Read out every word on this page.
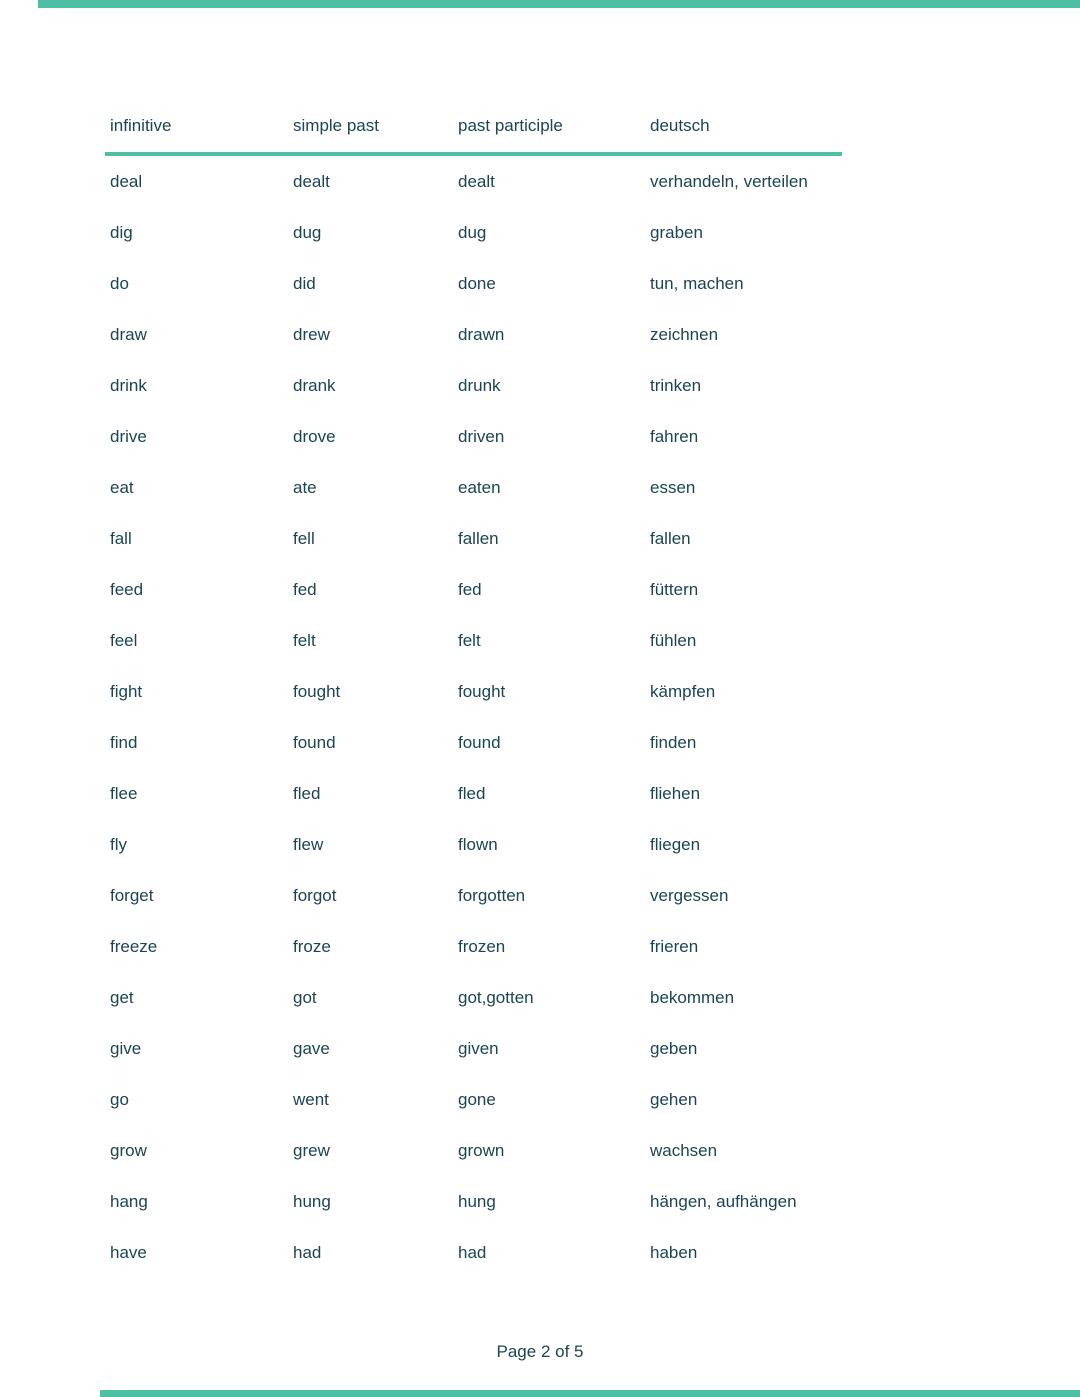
infinitive	simple past	past participle	deutsch
deal	dealt	dealt	verhandeln, verteilen
dig	dug	dug	graben
do	did	done	tun, machen
draw	drew	drawn	zeichnen
drink	drank	drunk	trinken
drive	drove	driven	fahren
eat	ate	eaten	essen
fall	fell	fallen	fallen
feed	fed	fed	füttern
feel	felt	felt	fühlen
fight	fought	fought	kämpfen
find	found	found	finden
flee	fled	fled	fliehen
fly	flew	flown	fliegen
forget	forgot	forgotten	vergessen
freeze	froze	frozen	frieren
get	got	got,gotten	bekommen
give	gave	given	geben
go	went	gone	gehen
grow	grew	grown	wachsen
hang	hung	hung	hängen, aufhängen
have	had	had	haben
Page 2 of 5
